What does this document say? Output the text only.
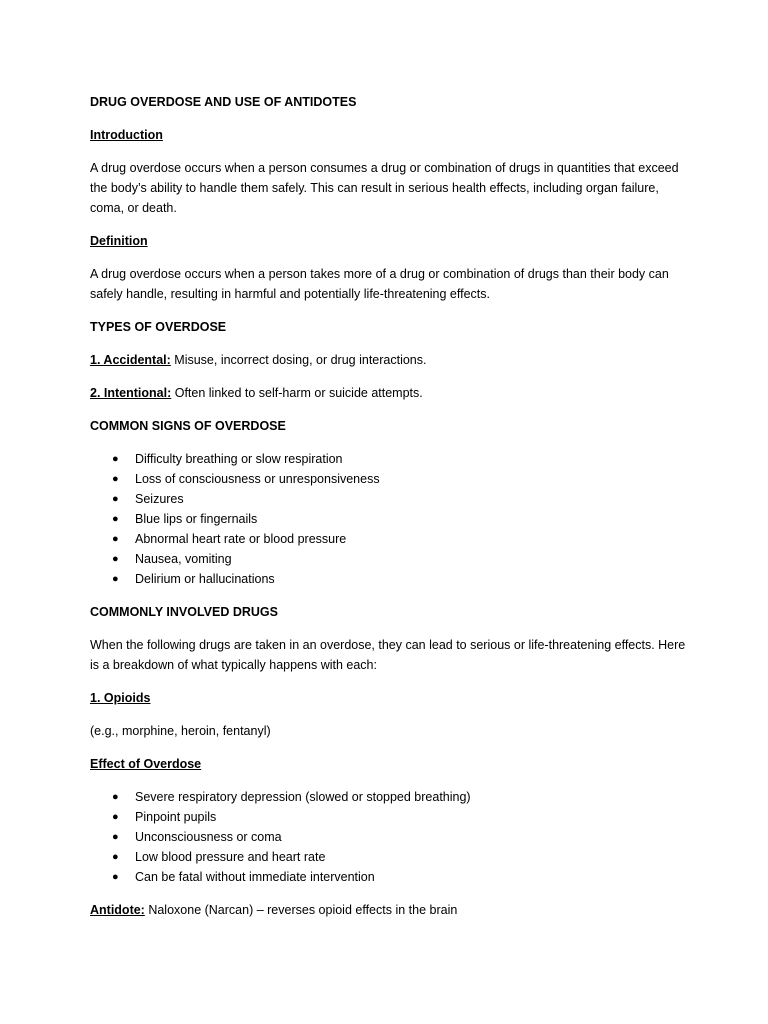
DRUG OVERDOSE AND USE OF ANTIDOTES

Introduction

A drug overdose occurs when a person consumes a drug or combination of drugs in quantities that exceed the body’s ability to handle them safely. This can result in serious health effects, including organ failure, coma, or death.

Definition

A drug overdose occurs when a person takes more of a drug or combination of drugs than their body can safely handle, resulting in harmful and potentially life-threatening effects.

TYPES OF OVERDOSE

1. Accidental: Misuse, incorrect dosing, or drug interactions.

2. Intentional: Often linked to self-harm or suicide attempts.

COMMON SIGNS OF OVERDOSE

● Difficulty breathing or slow respiration
● Loss of consciousness or unresponsiveness
● Seizures
● Blue lips or fingernails
● Abnormal heart rate or blood pressure
● Nausea, vomiting
● Delirium or hallucinations

COMMONLY INVOLVED DRUGS

When the following drugs are taken in an overdose, they can lead to serious or life-threatening effects. Here is a breakdown of what typically happens with each:

1. Opioids

(e.g., morphine, heroin, fentanyl)

Effect of Overdose

● Severe respiratory depression (slowed or stopped breathing)
● Pinpoint pupils
● Unconsciousness or coma
● Low blood pressure and heart rate
● Can be fatal without immediate intervention

Antidote: Naloxone (Narcan) – reverses opioid effects in the brain
